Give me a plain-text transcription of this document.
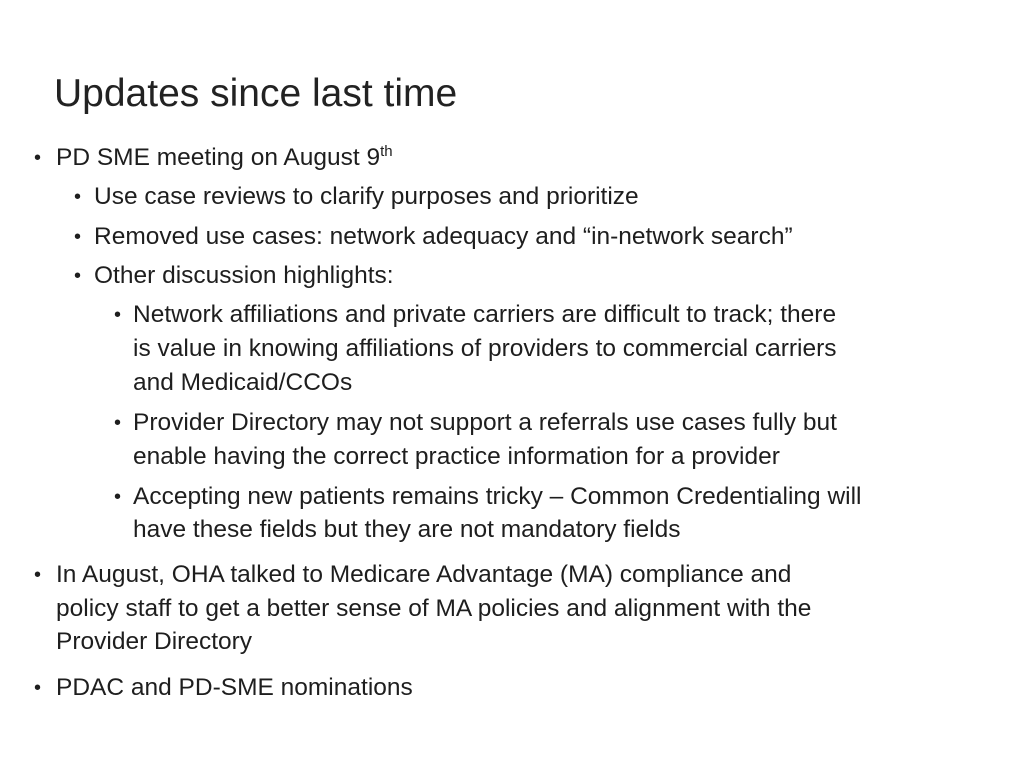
Updates since last time
• PD SME meeting on August 9th

• Use case reviews to clarify purposes and prioritize

• Removed use cases: network adequacy and “in-network search”

• Other discussion highlights:

• Network affiliations and private carriers are difficult to track; there

is value in knowing affiliations of providers to commercial carriers

and Medicaid/CCOs

• Provider Directory may not support a referrals use cases fully but

enable having the correct practice information for a provider

• Accepting new patients remains tricky – Common Credentialing will

have these fields but they are not mandatory fields

• In August, OHA talked to Medicare Advantage (MA) compliance and

policy staff to get a better sense of MA policies and alignment with the

Provider Directory

• PDAC and PD-SME nominations
